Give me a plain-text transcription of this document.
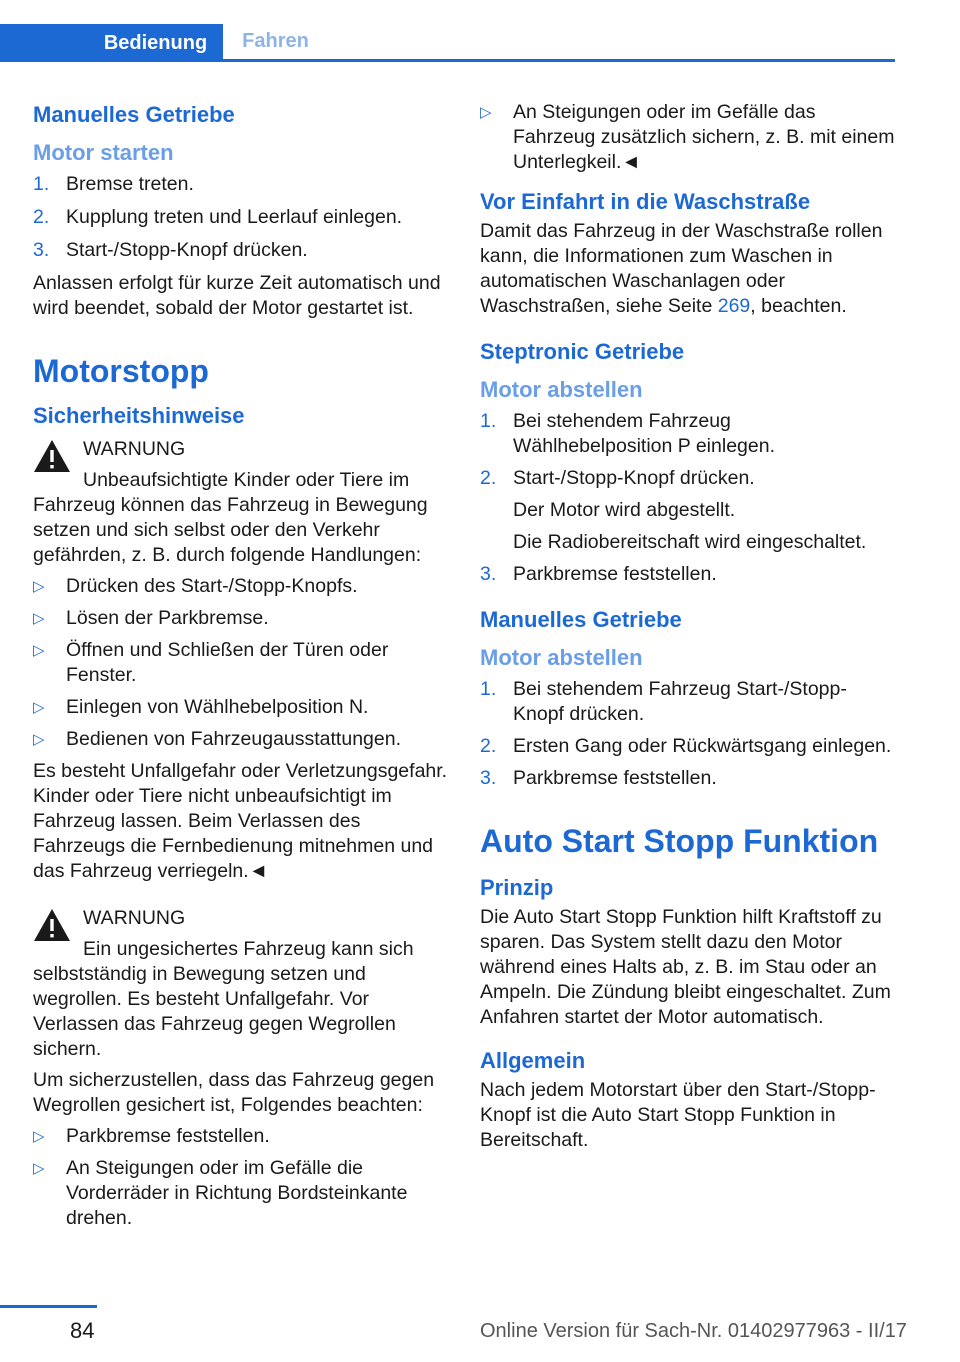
Bedienung	Fahren

Manuelles Getriebe

Motor starten

1. Bremse treten.
2. Kupplung treten und Leerlauf einlegen.
3. Start-/Stopp-Knopf drücken.

Anlassen erfolgt für kurze Zeit automatisch und wird beendet, sobald der Motor gestartet ist.

Motorstopp

Sicherheitshinweise

WARNUNG

Unbeaufsichtigte Kinder oder Tiere im Fahrzeug können das Fahrzeug in Bewegung setzen und sich selbst oder den Verkehr gefährden, z. B. durch folgende Handlungen:

▷ Drücken des Start-/Stopp-Knopfs.
▷ Lösen der Parkbremse.
▷ Öffnen und Schließen der Türen oder Fenster.
▷ Einlegen von Wählhebelposition N.
▷ Bedienen von Fahrzeugausstattungen.

Es besteht Unfallgefahr oder Verletzungsgefahr. Kinder oder Tiere nicht unbeaufsichtigt im Fahrzeug lassen. Beim Verlassen des Fahrzeugs die Fernbedienung mitnehmen und das Fahrzeug verriegeln.◄

WARNUNG

Ein ungesichertes Fahrzeug kann sich selbstständig in Bewegung setzen und wegrollen. Es besteht Unfallgefahr. Vor Verlassen das Fahrzeug gegen Wegrollen sichern.

Um sicherzustellen, dass das Fahrzeug gegen Wegrollen gesichert ist, Folgendes beachten:

▷ Parkbremse feststellen.
▷ An Steigungen oder im Gefälle die Vorderräder in Richtung Bordsteinkante drehen.
▷ An Steigungen oder im Gefälle das Fahrzeug zusätzlich sichern, z. B. mit einem Unterlegkeil.◄

Vor Einfahrt in die Waschstraße

Damit das Fahrzeug in der Waschstraße rollen kann, die Informationen zum Waschen in automatischen Waschanlagen oder Waschstraßen, siehe Seite 269, beachten.

Steptronic Getriebe

Motor abstellen

1. Bei stehendem Fahrzeug Wählhebelposition P einlegen.
2. Start-/Stopp-Knopf drücken.
Der Motor wird abgestellt.
Die Radiobereitschaft wird eingeschaltet.
3. Parkbremse feststellen.

Manuelles Getriebe

Motor abstellen

1. Bei stehendem Fahrzeug Start-/Stopp-Knopf drücken.
2. Ersten Gang oder Rückwärtsgang einlegen.
3. Parkbremse feststellen.

Auto Start Stopp Funktion

Prinzip

Die Auto Start Stopp Funktion hilft Kraftstoff zu sparen. Das System stellt dazu den Motor während eines Halts ab, z. B. im Stau oder an Ampeln. Die Zündung bleibt eingeschaltet. Zum Anfahren startet der Motor automatisch.

Allgemein

Nach jedem Motorstart über den Start-/Stopp-Knopf ist die Auto Start Stopp Funktion in Bereitschaft.

84	Online Version für Sach-Nr. 01402977963 - II/17
